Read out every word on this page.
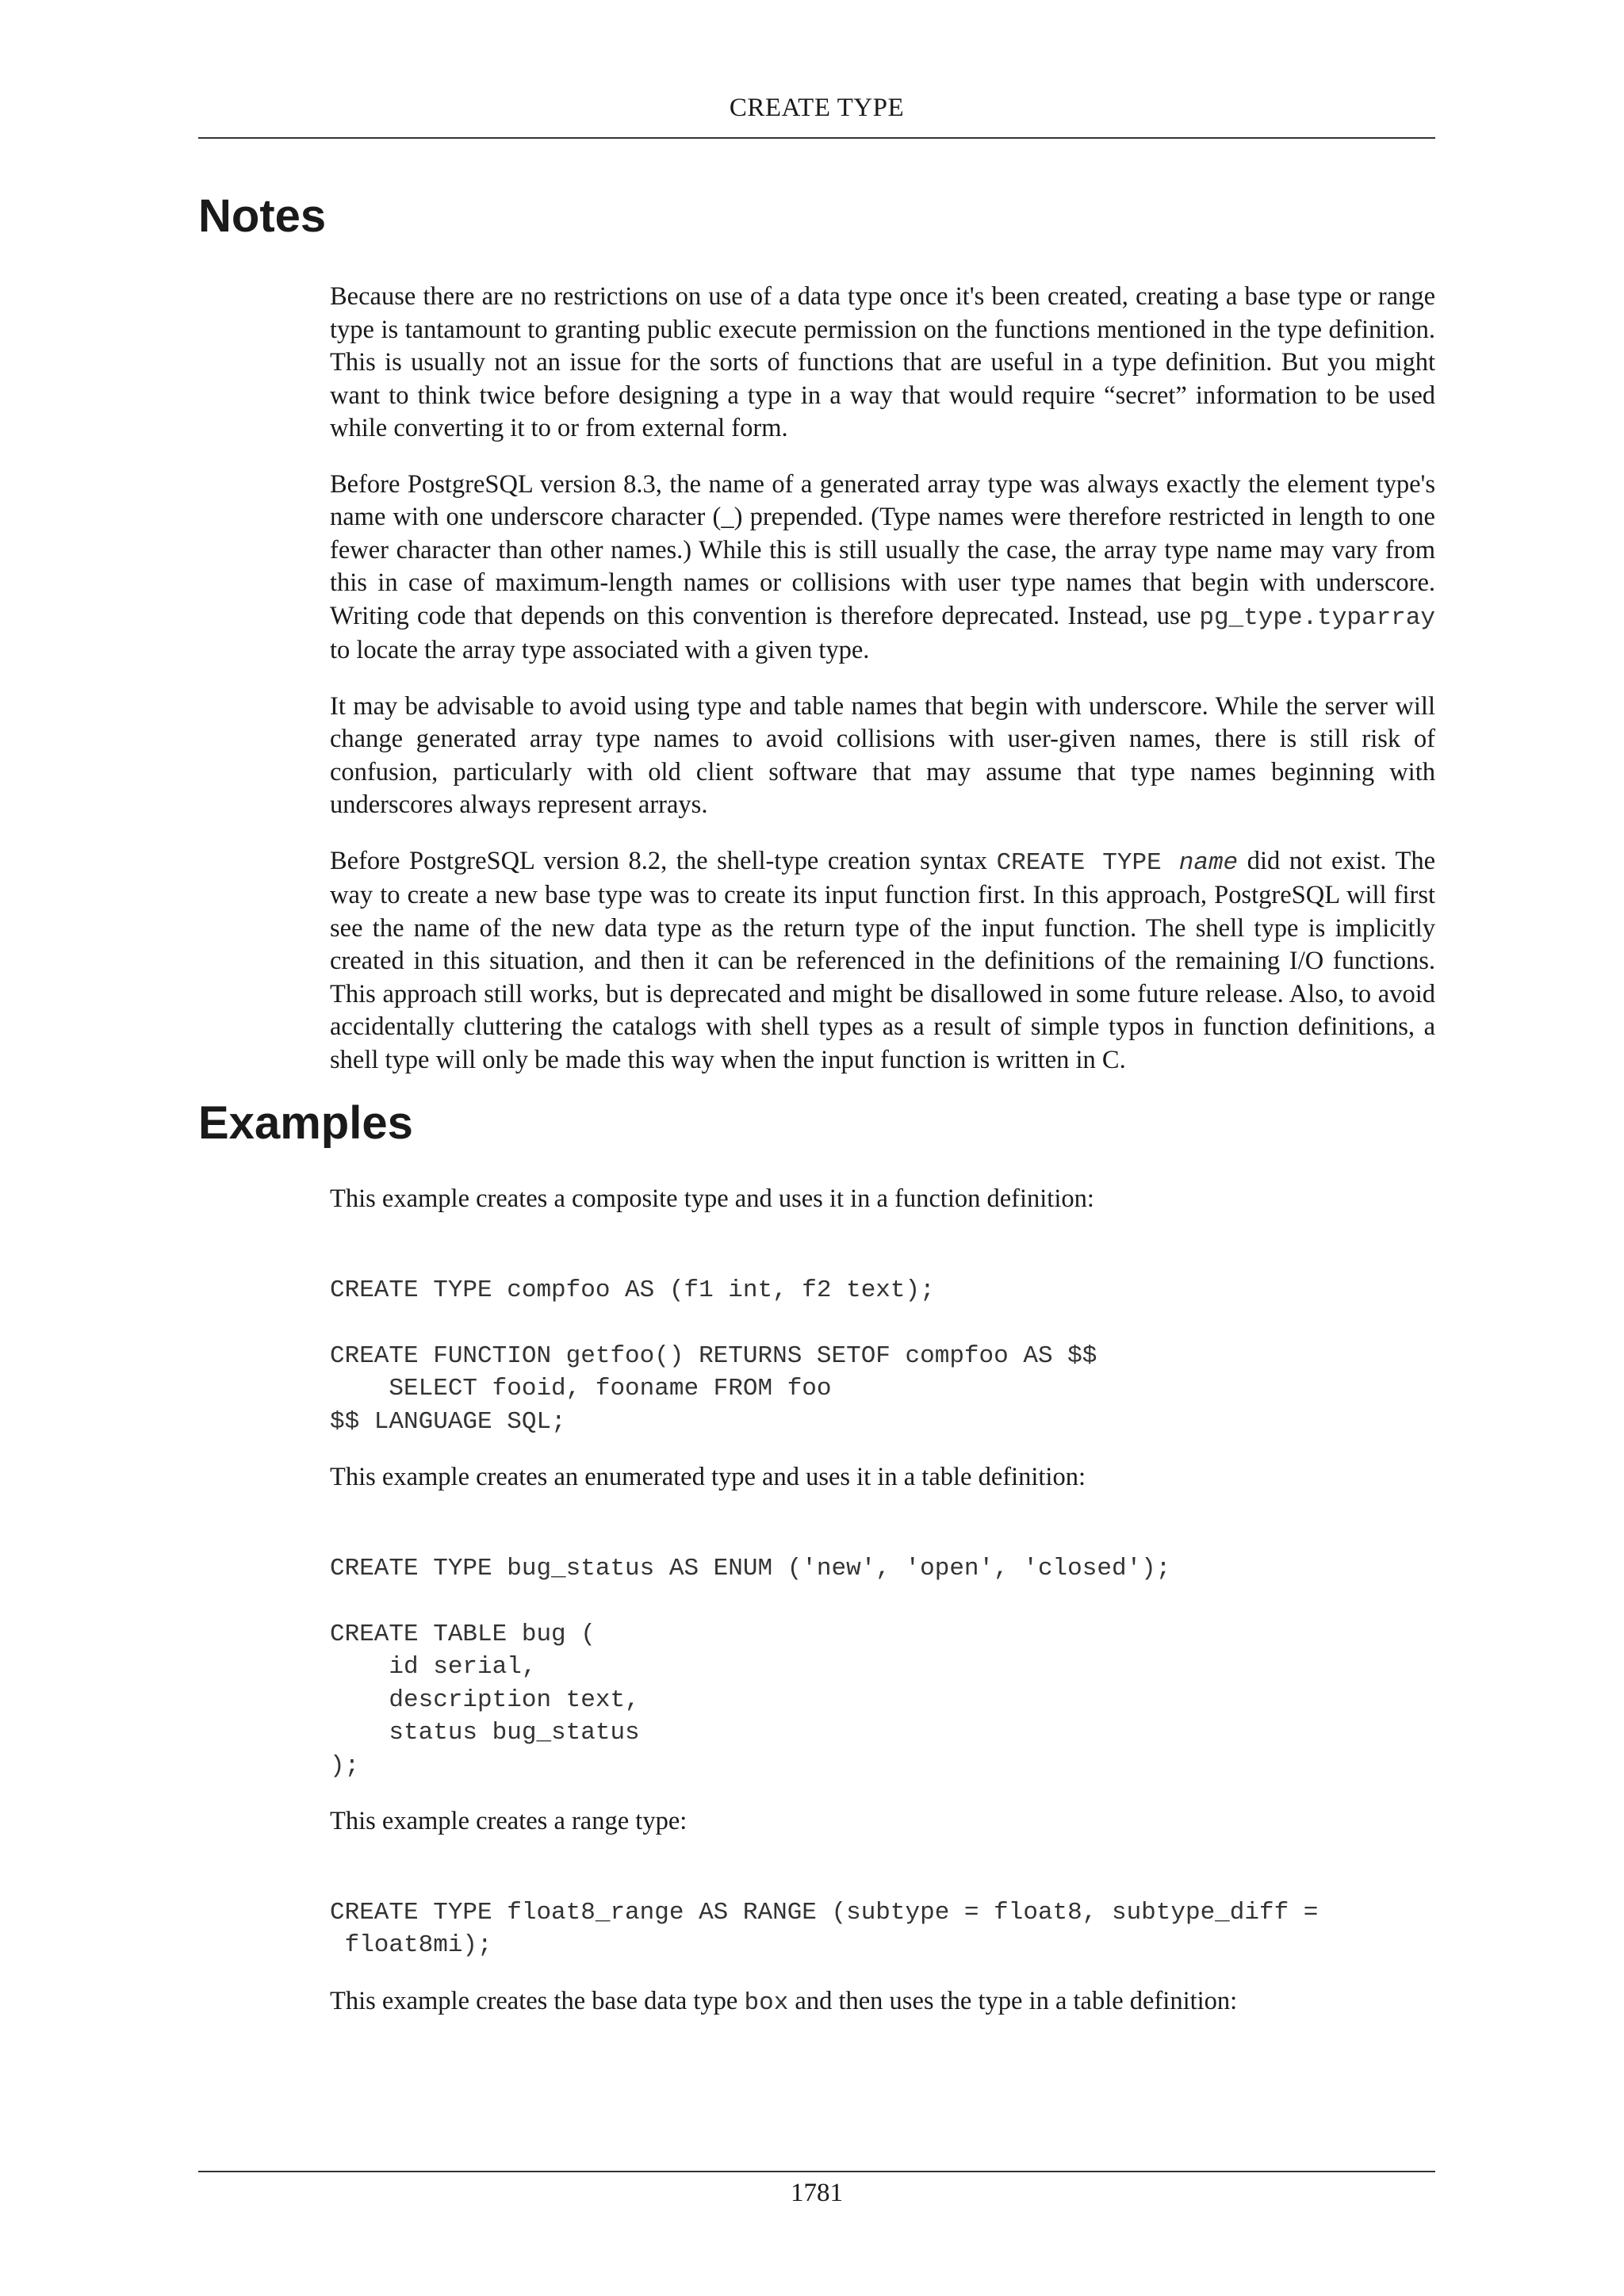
CREATE TYPE
Notes

Because there are no restrictions on use of a data type once it's been created, creating a base type or range type is tantamount to granting public execute permission on the functions mentioned in the type definition. This is usually not an issue for the sorts of functions that are useful in a type definition. But you might want to think twice before designing a type in a way that would require “secret” information to be used while converting it to or from external form.

Before PostgreSQL version 8.3, the name of a generated array type was always exactly the element type's name with one underscore character (_) prepended. (Type names were therefore restricted in length to one fewer character than other names.) While this is still usually the case, the array type name may vary from this in case of maximum-length names or collisions with user type names that begin with underscore. Writing code that depends on this convention is therefore deprecated. Instead, use pg_type.typarray to locate the array type associated with a given type.

It may be advisable to avoid using type and table names that begin with underscore. While the server will change generated array type names to avoid collisions with user-given names, there is still risk of confusion, particularly with old client software that may assume that type names beginning with underscores always represent arrays.

Before PostgreSQL version 8.2, the shell-type creation syntax CREATE TYPE name did not exist. The way to create a new base type was to create its input function first. In this approach, PostgreSQL will first see the name of the new data type as the return type of the input function. The shell type is implicitly created in this situation, and then it can be referenced in the definitions of the remaining I/O functions. This approach still works, but is deprecated and might be disallowed in some future release. Also, to avoid accidentally cluttering the catalogs with shell types as a result of simple typos in function definitions, a shell type will only be made this way when the input function is written in C.

Examples

This example creates a composite type and uses it in a function definition:

CREATE TYPE compfoo AS (f1 int, f2 text);

CREATE FUNCTION getfoo() RETURNS SETOF compfoo AS $$
SELECT fooid, fooname FROM foo
$$ LANGUAGE SQL;

This example creates an enumerated type and uses it in a table definition:

CREATE TYPE bug_status AS ENUM ('new', 'open', 'closed');

CREATE TABLE bug (
id serial,
description text,
status bug_status
);

This example creates a range type:

CREATE TYPE float8_range AS RANGE (subtype = float8, subtype_diff =
float8mi);

This example creates the base data type box and then uses the type in a table definition:

1781
